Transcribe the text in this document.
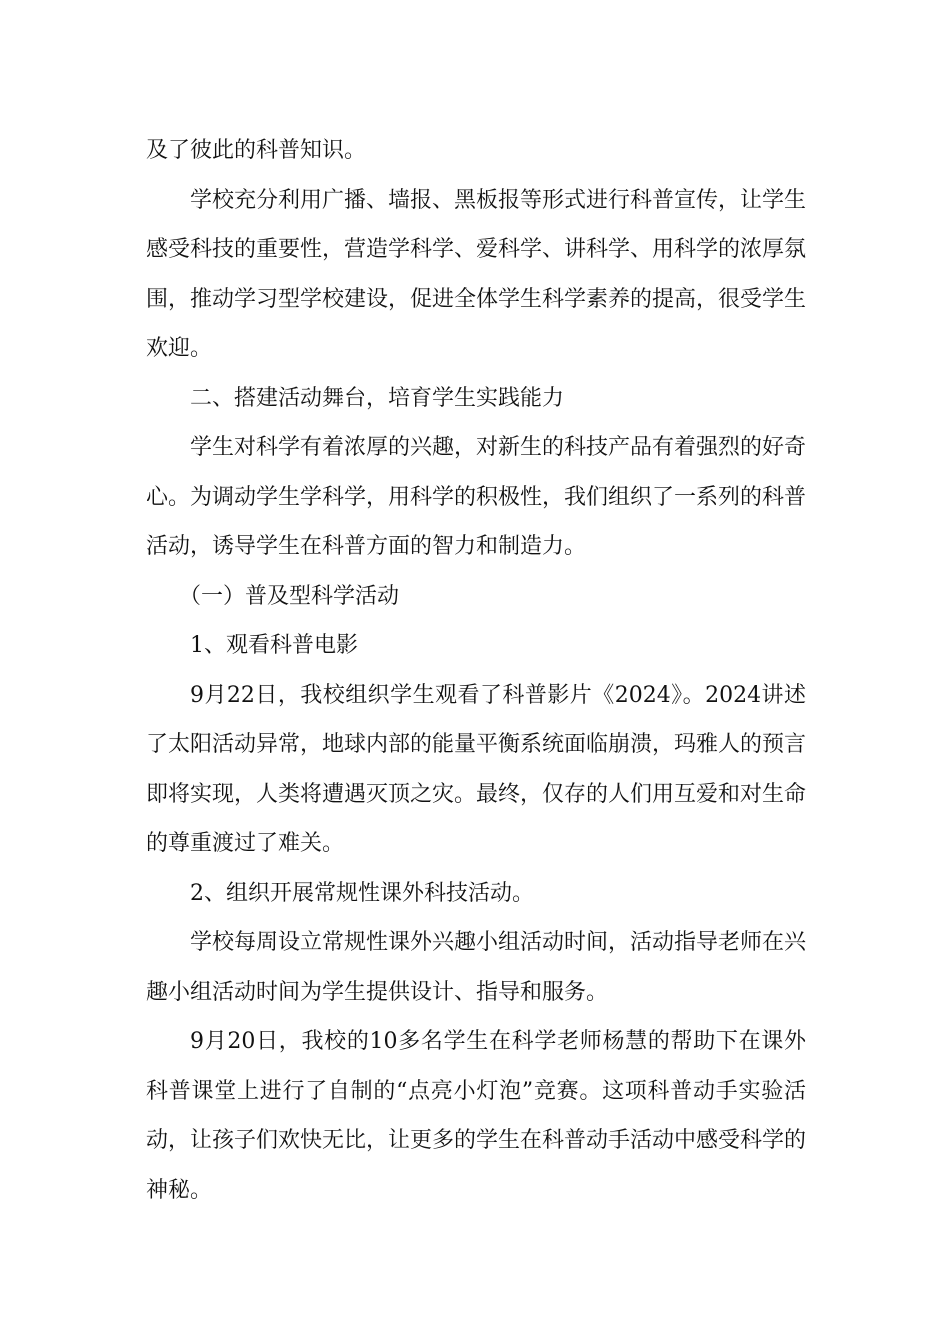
及了彼此的科普知识。

学校充分利用广播、墙报、黑板报等形式进行科普宣传，让学生感受科技的重要性，营造学科学、爱科学、讲科学、用科学的浓厚氛围，推动学习型学校建设，促进全体学生科学素养的提高，很受学生欢迎。

二、搭建活动舞台，培育学生实践能力

学生对科学有着浓厚的兴趣，对新生的科技产品有着强烈的好奇心。为调动学生学科学，用科学的积极性，我们组织了一系列的科普活动，诱导学生在科普方面的智力和制造力。

（一）普及型科学活动

1、观看科普电影

9月22日，我校组织学生观看了科普影片《2024》。2024讲述了太阳活动异常，地球内部的能量平衡系统面临崩溃，玛雅人的预言即将实现，人类将遭遇灭顶之灾。最终，仅存的人们用互爱和对生命的尊重渡过了难关。

2、组织开展常规性课外科技活动。

学校每周设立常规性课外兴趣小组活动时间，活动指导老师在兴趣小组活动时间为学生提供设计、指导和服务。

9月20日，我校的10多名学生在科学老师杨慧的帮助下在课外科普课堂上进行了自制的“点亮小灯泡”竞赛。这项科普动手实验活动，让孩子们欢快无比，让更多的学生在科普动手活动中感受科学的神秘。
